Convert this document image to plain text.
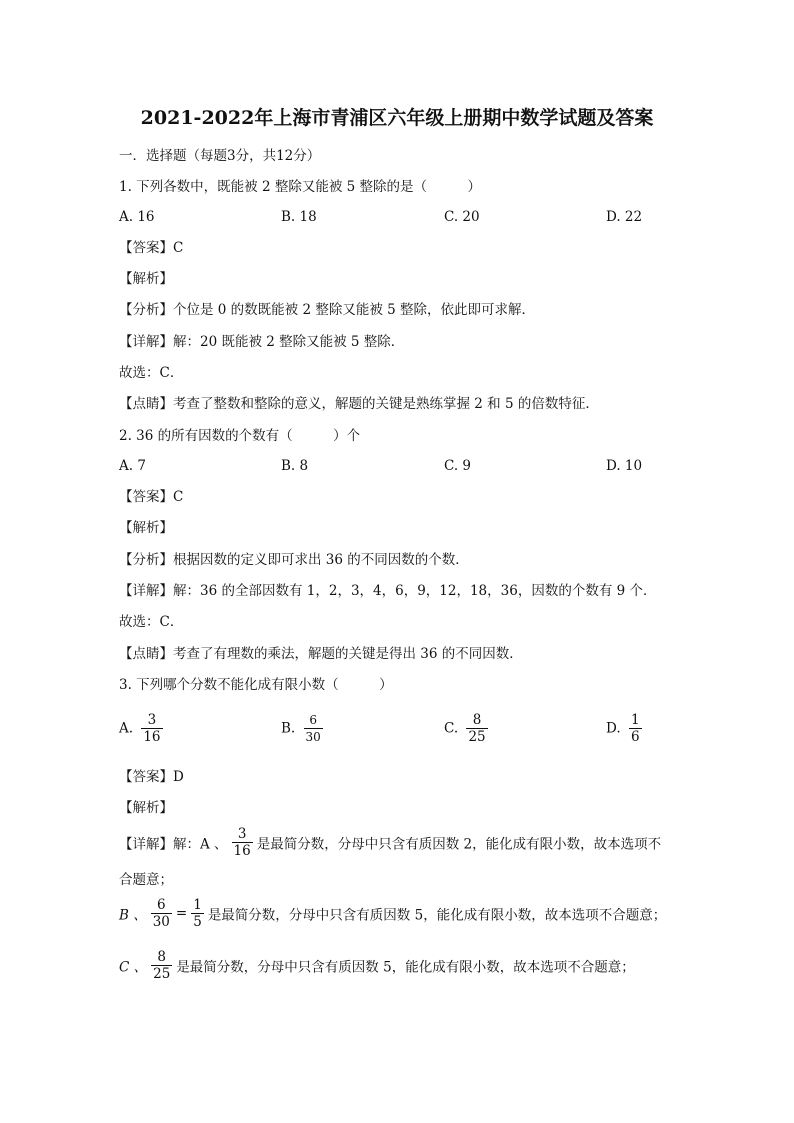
2021-2022年上海市青浦区六年级上册期中数学试题及答案
一．选择题（每题3分，共12分）
1. 下列各数中，既能被 2 整除又能被 5 整除的是（　　　）
A. 16	B. 18	C. 20	D. 22
【答案】C
【解析】
【分析】个位是 0 的数既能被 2 整除又能被 5 整除，依此即可求解．
【详解】解：20 既能被 2 整除又能被 5 整除．
故选：C．
【点睛】考查了整数和整除的意义，解题的关键是熟练掌握 2 和 5 的倍数特征．
2. 36 的所有因数的个数有（　　　）个
A. 7	B. 8	C. 9	D. 10
【答案】C
【解析】
【分析】根据因数的定义即可求出 36 的不同因数的个数．
【详解】解：36 的全部因数有 1，2，3，4，6，9，12，18，36，因数的个数有 9 个．
故选：C．
【点睛】考查了有理数的乘法，解题的关键是得出 36 的不同因数．
3. 下列哪个分数不能化成有限小数（　　　）
A. $\frac{3}{16}$	B. $\frac{6}{30}$	C. $\frac{8}{25}$	D. $\frac{1}{6}$
【答案】D
【解析】
【详解】解：A 、 $\frac{3}{16}$ 是最简分数，分母中只含有质因数 2，能化成有限小数，故本选项不
合题意；
B 、 $\frac{6}{30} = \frac{1}{5}$ 是最简分数，分母中只含有质因数 5，能化成有限小数，故本选项不合题意；
C 、 $\frac{8}{25}$ 是最简分数，分母中只含有质因数 5，能化成有限小数，故本选项不合题意；
